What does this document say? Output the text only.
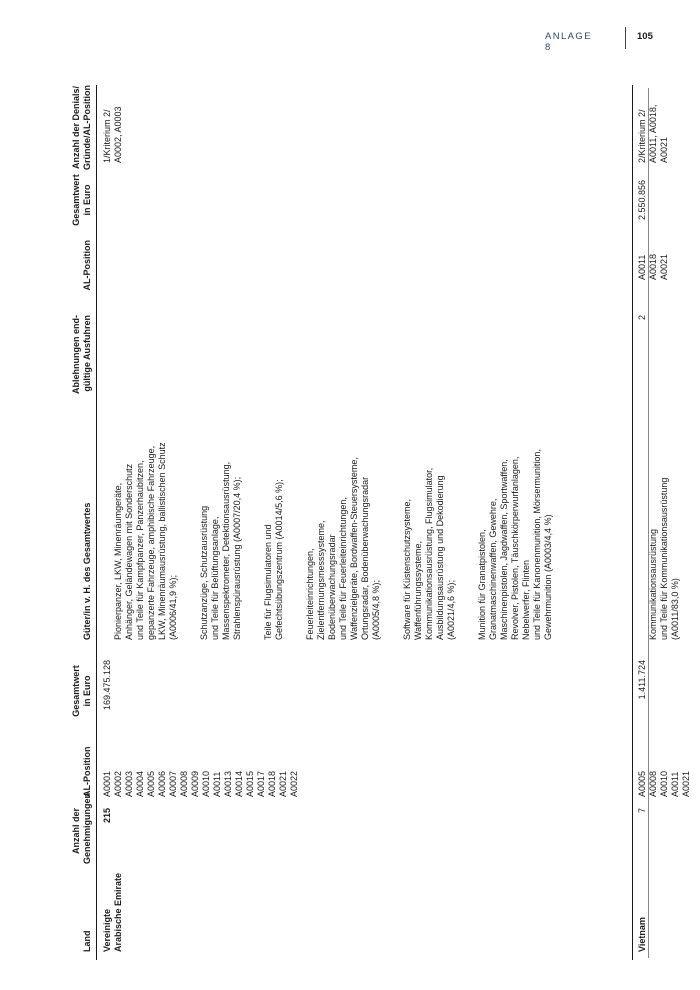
ANLAGE 8
105
Land
Anzahl der
Genehmigungen
AL-Position
Gesamtwert
in Euro
Güter/in v. H. des Gesamtwertes
Ablehnungen end-
gültige Ausfuhren
AL-Position
Gesamtwert
in Euro
Anzahl der Denials/
Gründe/AL-Position
Vereinigte
Arabische Emirate
215
A0001
A0002
A0003
A0004
A0005
A0006
A0007
A0008
A0009
A0010
A0011
A0013
A0014
A0015
A0017
A0018
A0021
A0022
169.475.128

Pionierpanzer, LKW, Minenräumgeräte,
Anhänger, Geländewagen mit Sonderschutz
und Teile für Kampfpanzer, Panzerhaubitzen,
gepanzerte Fahrzeuge, amphibische Fahrzeuge,
LKW, Minenräumausrüstung, ballistischen Schutz
(A0006/41,9 %); Schutzanzüge, Schutzausrüstung
und Teile für Belüftungsanlage,
Massenspektrometer, Detektionsausrüstung,
Strahlenspürausrüstung (A0007/20,4 %);

Teile für Flugsimulatoren und
Gefechtsübungszentrum (A0014/5,6 %);

Feuerleiteinrichtungen,
Zielentfernungsmesssysteme,
Bodenüberwachungsradar
und Teile für Feuerleiteinrichtungen,
Waffenzielgeräte, Bordwaffen-Steuersysteme,
Ortungsradar, Bodenüberwachungsradar
(A0005/4,8 %);

Software für Küstenschutzsysteme,
Waffenführungssysteme,
Kommunikationsausrüstung, Flugsimulator,
Ausbildungsausrüstung und Dekodierung
(A0021/4,6 %);

Munition für Granatpistolen,
Granatmaschinenwaffen, Gewehre,
Maschinenpistolen, Jagdwaffen, Sportwaffen,
Revolver, Pistolen, Täuschkörperwurfanlagen,
Nebelwerfer, Flinten
und Teile für Kanonenmunition, Mörsermunition,
Gewehrmunition (A0003/4,4 %)

1/Kriterium 2/
A0002, A0003
Vietnam
7
A0005
A0008
A0010
A0011
A0021
1.411.724

Kommunikationsausrüstung
und Teile für Kommunikationsausrüstung
(A0011/83,0 %)

2
A0011
A0018
A0021
2.550.856
2/Kriterium 2/
A0011, A0018, A0021
